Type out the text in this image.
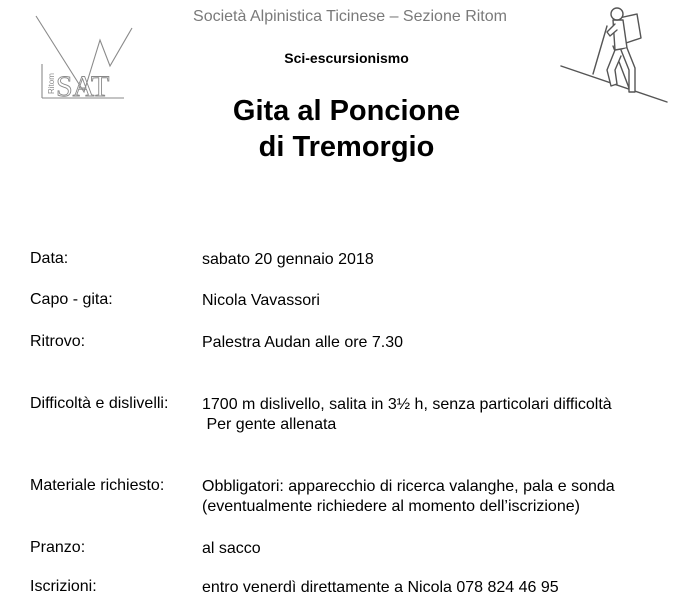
Ritom SAT
Società Alpinistica Ticinese – Sezione Ritom
Sci-escursionismo
Gita al Poncione
di Tremorgio
Data:	sabato 20 gennaio 2018
Capo - gita:	Nicola Vavassori
Ritrovo:	Palestra Audan alle ore 7.30
Difficoltà e dislivelli: 1700 m dislivello, salita in 3½ h, senza particolari difficoltà
Per gente allenata
Materiale richiesto: Obbligatori: apparecchio di ricerca valanghe, pala e sonda
(eventualmente richiedere al momento dell’iscrizione)
Pranzo:	al sacco
Iscrizioni:	entro venerdì direttamente a Nicola 078 824 46 95
